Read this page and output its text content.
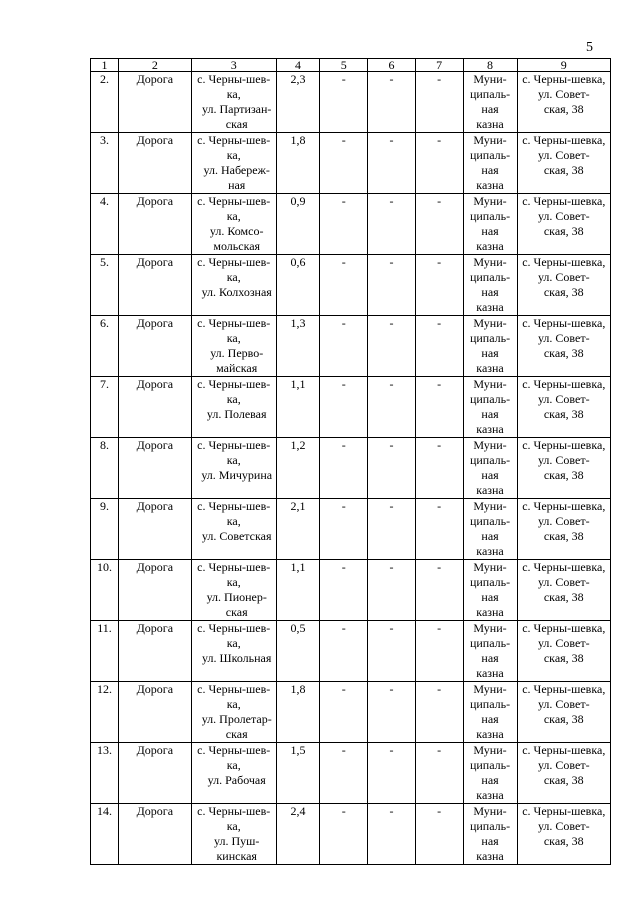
5
1	2	3	4	5	6	7	8	9
2.	Дорога	с. Черны-шев-
ка,
ул. Партизан-
ская	2,3	-	-	-	Муни-
ципаль-
ная
казна	с. Черны-шевка,
ул. Совет-
ская, 38

3.	Дорога	с. Черны-шев-
ка,
ул. Набереж-
ная	1,8	-	-	-	Муни-
ципаль-
ная
казна	с. Черны-шевка,
ул. Совет-
ская, 38

4.	Дорога	с. Черны-шев-
ка,
ул. Комсо-
мольская	0,9	-	-	-	Муни-
ципаль-
ная
казна	с. Черны-шевка,
ул. Совет-
ская, 38

5.	Дорога	с. Черны-шев-
ка,
ул. Колхозная	0,6	-	-	-	Муни-
ципаль-
ная
казна	с. Черны-шевка,
ул. Совет-
ская, 38

6.	Дорога	с. Черны-шев-
ка,
ул. Перво-
майская	1,3	-	-	-	Муни-
ципаль-
ная
казна	с. Черны-шевка,
ул. Совет-
ская, 38

7.	Дорога	с. Черны-шев-
ка,
ул. Полевая	1,1	-	-	-	Муни-
ципаль-
ная
казна	с. Черны-шевка,
ул. Совет-
ская, 38

8.	Дорога	с. Черны-шев-
ка,
ул. Мичурина	1,2	-	-	-	Муни-
ципаль-
ная
казна	с. Черны-шевка,
ул. Совет-
ская, 38

9.	Дорога	с. Черны-шев-
ка,
ул. Советская	2,1	-	-	-	Муни-
ципаль-
ная
казна	с. Черны-шевка,
ул. Совет-
ская, 38

10.	Дорога	с. Черны-шев-
ка,
ул. Пионер-
ская	1,1	-	-	-	Муни-
ципаль-
ная
казна	с. Черны-шевка,
ул. Совет-
ская, 38

11.	Дорога	с. Черны-шев-
ка,
ул. Школьная	0,5	-	-	-	Муни-
ципаль-
ная
казна	с. Черны-шевка,
ул. Совет-
ская, 38

12.	Дорога	с. Черны-шев-
ка,
ул. Пролетар-
ская	1,8	-	-	-	Муни-
ципаль-
ная
казна	с. Черны-шевка,
ул. Совет-
ская, 38

13.	Дорога	с. Черны-шев-
ка,
ул. Рабочая	1,5	-	-	-	Муни-
ципаль-
ная
казна	с. Черны-шевка,
ул. Совет-
ская, 38

14.	Дорога	с. Черны-шев-
ка,
ул. Пуш-
кинская	2,4	-	-	-	Муни-
ципаль-
ная
казна	с. Черны-шевка,
ул. Совет-
ская, 38
